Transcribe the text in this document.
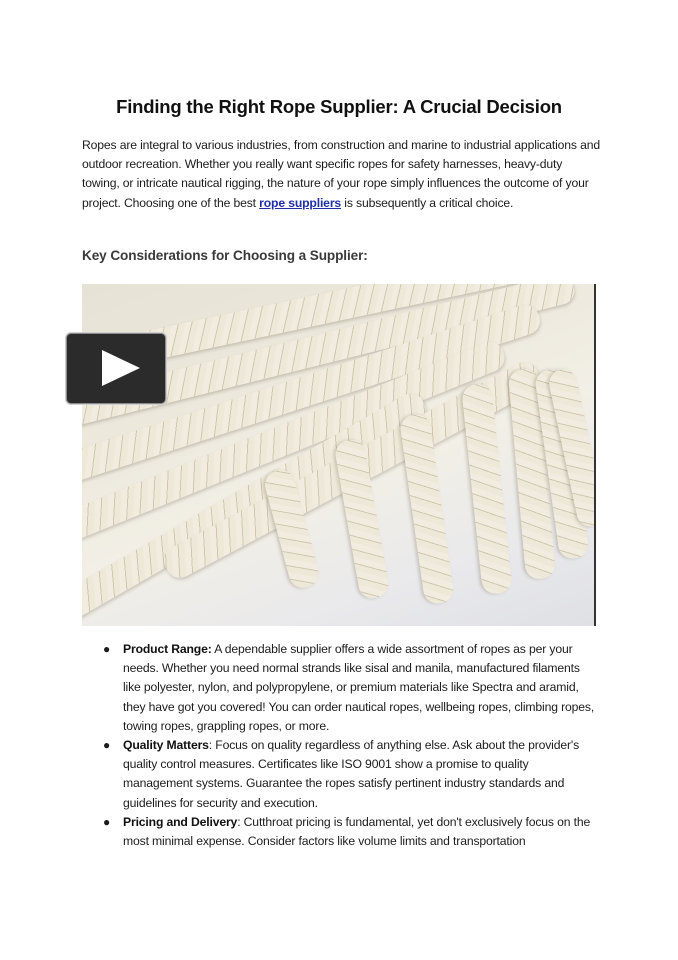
Finding the Right Rope Supplier: A Crucial Decision

Ropes are integral to various industries, from construction and marine to industrial applications and outdoor recreation. Whether you really want specific ropes for safety harnesses, heavy-duty towing, or intricate nautical rigging, the nature of your rope simply influences the outcome of your project. Choosing one of the best rope suppliers is subsequently a critical choice.

Key Considerations for Choosing a Supplier:
● Product Range: A dependable supplier offers a wide assortment of ropes as per your needs. Whether you need normal strands like sisal and manila, manufactured filaments like polyester, nylon, and polypropylene, or premium materials like Spectra and aramid, they have got you covered! You can order nautical ropes, wellbeing ropes, climbing ropes, towing ropes, grappling ropes, or more.
● Quality Matters: Focus on quality regardless of anything else. Ask about the provider's quality control measures. Certificates like ISO 9001 show a promise to quality management systems. Guarantee the ropes satisfy pertinent industry standards and guidelines for security and execution.
● Pricing and Delivery: Cutthroat pricing is fundamental, yet don't exclusively focus on the most minimal expense. Consider factors like volume limits and transportation
